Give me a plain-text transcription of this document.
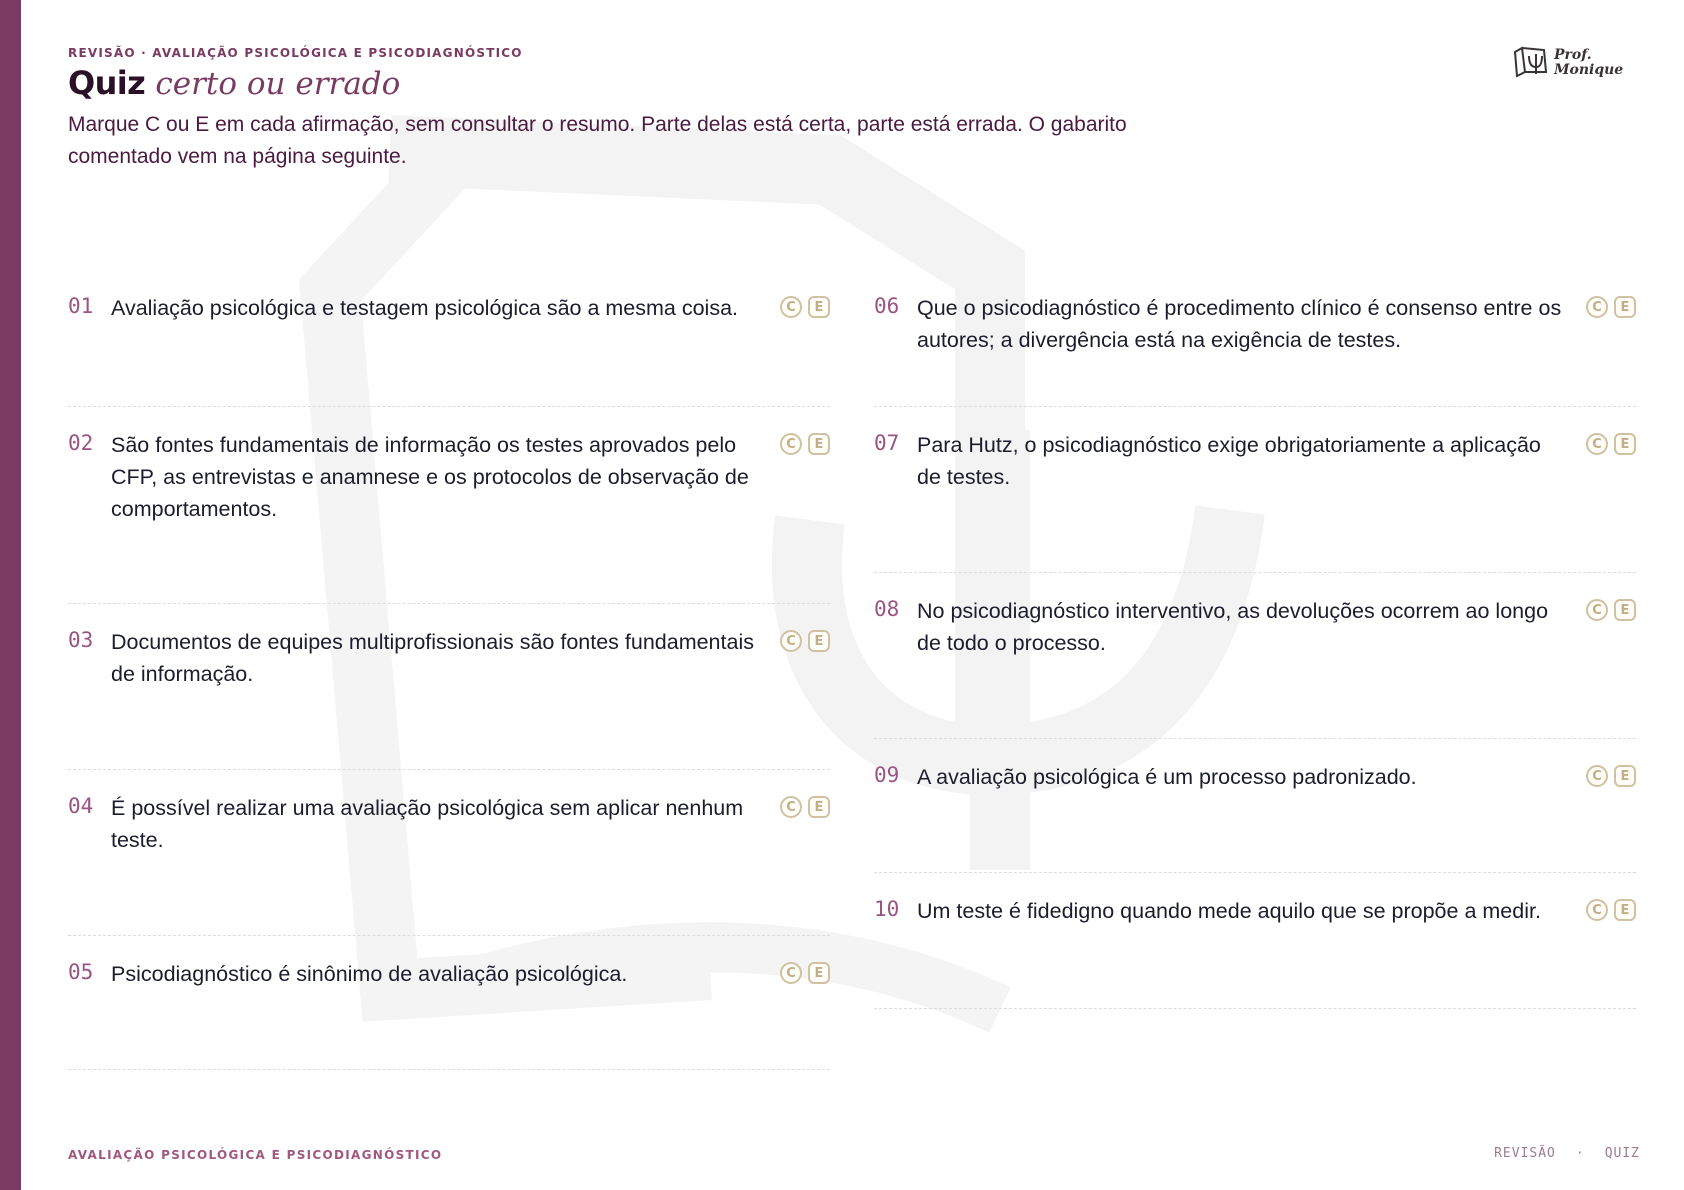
REVISÃO · AVALIAÇÃO PSICOLÓGICA E PSICODIAGNÓSTICO
Quiz certo ou errado
Marque C ou E em cada afirmação, sem consultar o resumo. Parte delas está certa, parte está errada. O gabarito comentado vem na página seguinte.
Prof.
Monique
01 Avaliação psicológica e testagem psicológica são a mesma coisa.	C	E
02 São fontes fundamentais de informação os testes aprovados pelo CFP, as entrevistas e anamnese e os protocolos de observação de comportamentos.
C	E
03 Documentos de equipes multiprofissionais são fontes fundamentais de informação.
C	E
04 É possível realizar uma avaliação psicológica sem aplicar nenhum teste.
C	E
05 Psicodiagnóstico é sinônimo de avaliação psicológica.	C	E
06 Que o psicodiagnóstico é procedimento clínico é consenso entre os autores; a divergência está na exigência de testes.
C	E
07 Para Hutz, o psicodiagnóstico exige obrigatoriamente a aplicação de testes.
C	E
08 No psicodiagnóstico interventivo, as devoluções ocorrem ao longo de todo o processo.
C	E
09 A avaliação psicológica é um processo padronizado.	C	E
10 Um teste é fidedigno quando mede aquilo que se propõe a medir.	C	E
AVALIAÇÃO PSICOLÓGICA E PSICODIAGNÓSTICO	REVISÃO · QUIZ
